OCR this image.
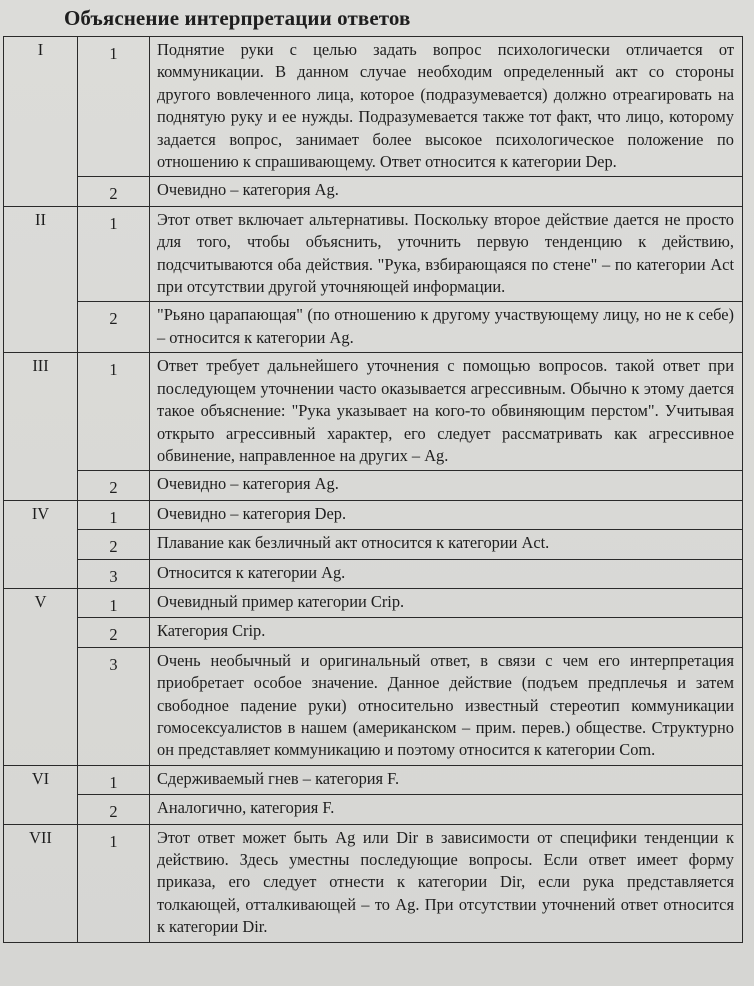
Объяснение интерпретации ответов
I	1	Поднятие руки с целью задать вопрос психологически отличается от коммуникации. В данном случае необходим определенный акт со стороны другого вовлеченного лица, которое (подразумевается) должно отреагировать на поднятую руку и ее нужды. Подразумевается также тот факт, что лицо, которому задается вопрос, занимает более высокое психологическое положение по отношению к спрашивающему. Ответ относится к категории Dep.
	2	Очевидно – категория Ag.
II	1	Этот ответ включает альтернативы. Поскольку второе действие дается не просто для того, чтобы объяснить, уточнить первую тенденцию к действию, подсчитываются оба действия. "Рука, взбирающаяся по стене" – по категории Act при отсутствии другой уточняющей информации.
	2	"Рьяно царапающая" (по отношению к другому участвующему лицу, но не к себе) – относится к категории Ag.
III	1	Ответ требует дальнейшего уточнения с помощью вопросов. такой ответ при последующем уточнении часто оказывается агрессивным. Обычно к этому дается такое объяснение: "Рука указывает на кого-то обвиняющим перстом". Учитывая открыто агрессивный характер, его следует рассматривать как агрессивное обвинение, направленное на других – Ag.
	2	Очевидно – категория Ag.
IV	1	Очевидно – категория Dep.
	2	Плавание как безличный акт относится к категории Act.
	3	Относится к категории Ag.
V	1	Очевидный пример категории Crip.
	2	Категория Crip.
	3	Очень необычный и оригинальный ответ, в связи с чем его интерпретация приобретает особое значение. Данное действие (подъем предплечья и затем свободное падение руки) относительно известный стереотип коммуникации гомосексуалистов в нашем (американском – прим. перев.) обществе. Структурно он представляет коммуникацию и поэтому относится к категории Com.
VI	1	Сдерживаемый гнев – категория F.
	2	Аналогично, категория F.
VII	1	Этот ответ может быть Ag или Dir в зависимости от специфики тенденции к действию. Здесь уместны последующие вопросы. Если ответ имеет форму приказа, его следует отнести к категории Dir, если рука представляется толкающей, отталкивающей – то Ag. При отсутствии уточнений ответ относится к категории Dir.
